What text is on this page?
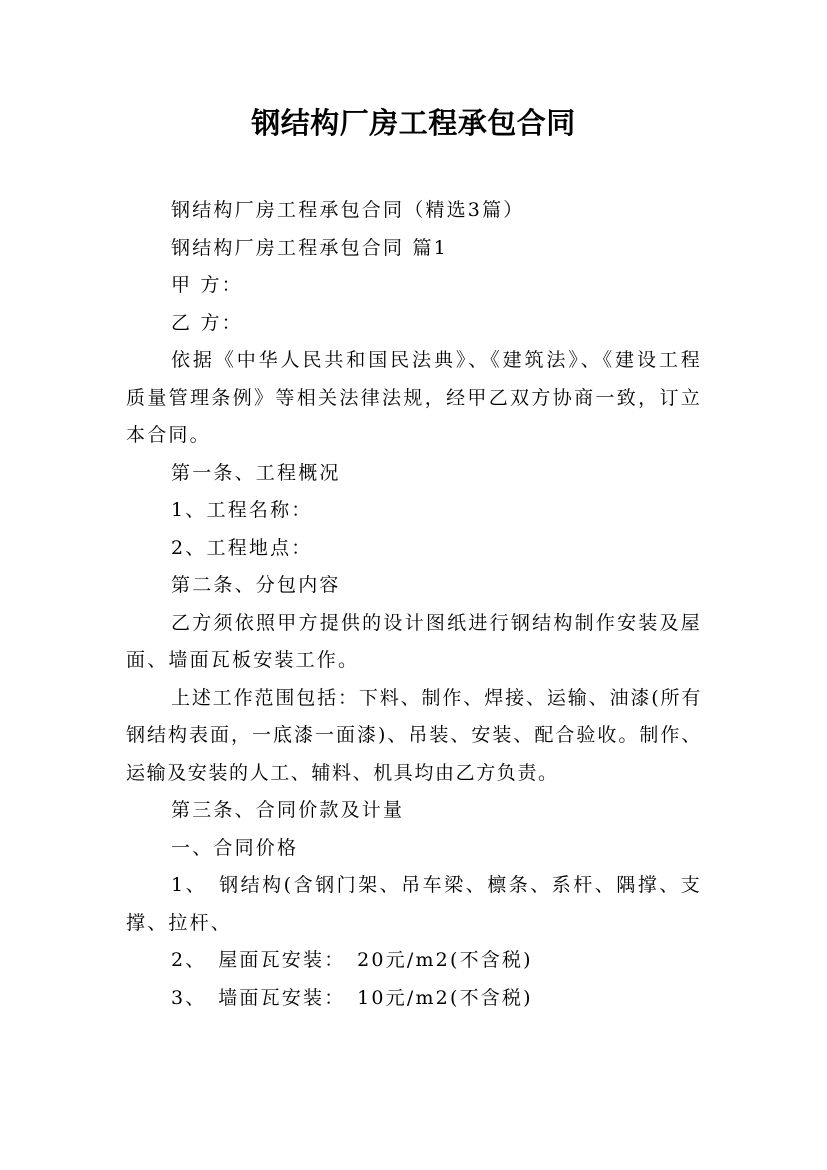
钢结构厂房工程承包合同

钢结构厂房工程承包合同（精选3篇）

钢结构厂房工程承包合同 篇1

甲 方：

乙 方：

依据《中华人民共和国民法典》、《建筑法》、《建设工程质量管理条例》等相关法律法规，经甲乙双方协商一致，订立本合同。

第一条、工程概况

1、工程名称：

2、工程地点：

第二条、分包内容

乙方须依照甲方提供的设计图纸进行钢结构制作安装及屋面、墙面瓦板安装工作。

上述工作范围包括：下料、制作、焊接、运输、油漆(所有钢结构表面，一底漆一面漆)、吊装、安装、配合验收。制作、运输及安装的人工、辅料、机具均由乙方负责。

第三条、合同价款及计量

一、合同价格

1、　钢结构(含钢门架、吊车梁、檩条、系杆、隅撑、支撑、拉杆、

2、　屋面瓦安装：　20元/m2(不含税)

3、　墙面瓦安装：　10元/m2(不含税)
